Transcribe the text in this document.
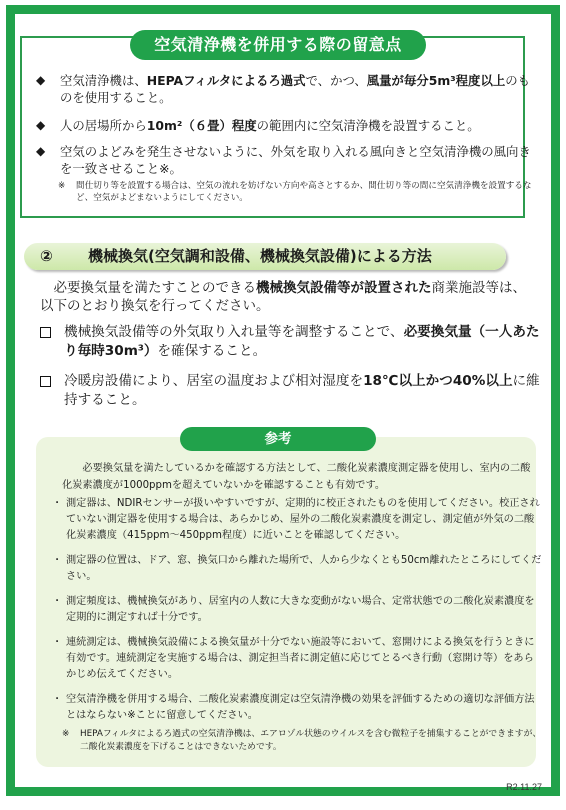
空気清浄機を併用する際の留意点
◆ 空気清浄機は、HEPAフィルタによるろ過式で、かつ、風量が毎分5m³程度以上のものを使用すること。
◆ 人の居場所から10m²（６畳）程度の範囲内に空気清浄機を設置すること。
◆ 空気のよどみを発生させないように、外気を取り入れる風向きと空気清浄機の風向きを一致させること※。
※ 間仕切り等を設置する場合は、空気の流れを妨げない方向や高さとするか、間仕切り等の間に空気清浄機を設置するなど、空気がよどまないようにしてください。
② 機械換気(空気調和設備、機械換気設備)による方法
必要換気量を満たすことのできる機械換気設備等が設置された商業施設等は、以下のとおり換気を行ってください。
機械換気設備等の外気取り入れ量等を調整することで、必要換気量（一人あたり毎時30m³）を確保すること。
冷暖房設備により、居室の温度および相対湿度を18℃以上かつ40%以上に維持すること。
参考
必要換気量を満たしているかを確認する方法として、二酸化炭素濃度測定器を使用し、室内の二酸化炭素濃度が1000ppmを超えていないかを確認することも有効です。
・ 測定器は、NDIRセンサーが扱いやすいですが、定期的に校正されたものを使用してください。校正されていない測定器を使用する場合は、あらかじめ、屋外の二酸化炭素濃度を測定し、測定値が外気の二酸化炭素濃度（415ppm～450ppm程度）に近いことを確認してください。
・ 測定器の位置は、ドア、窓、換気口から離れた場所で、人から少なくとも50cm離れたところにしてください。
・ 測定頻度は、機械換気があり、居室内の人数に大きな変動がない場合、定常状態での二酸化炭素濃度を定期的に測定すれば十分です。
・ 連続測定は、機械換気設備による換気量が十分でない施設等において、窓開けによる換気を行うときに有効です。連続測定を実施する場合は、測定担当者に測定値に応じてとるべき行動（窓開け等）をあらかじめ伝えてください。
・ 空気清浄機を併用する場合、二酸化炭素濃度測定は空気清浄機の効果を評価するための適切な評価方法とはならない※ことに留意してください。
※ HEPAフィルタによるろ過式の空気清浄機は、エアロゾル状態のウイルスを含む微粒子を捕集することができますが、二酸化炭素濃度を下げることはできないためです。
R2.11.27
